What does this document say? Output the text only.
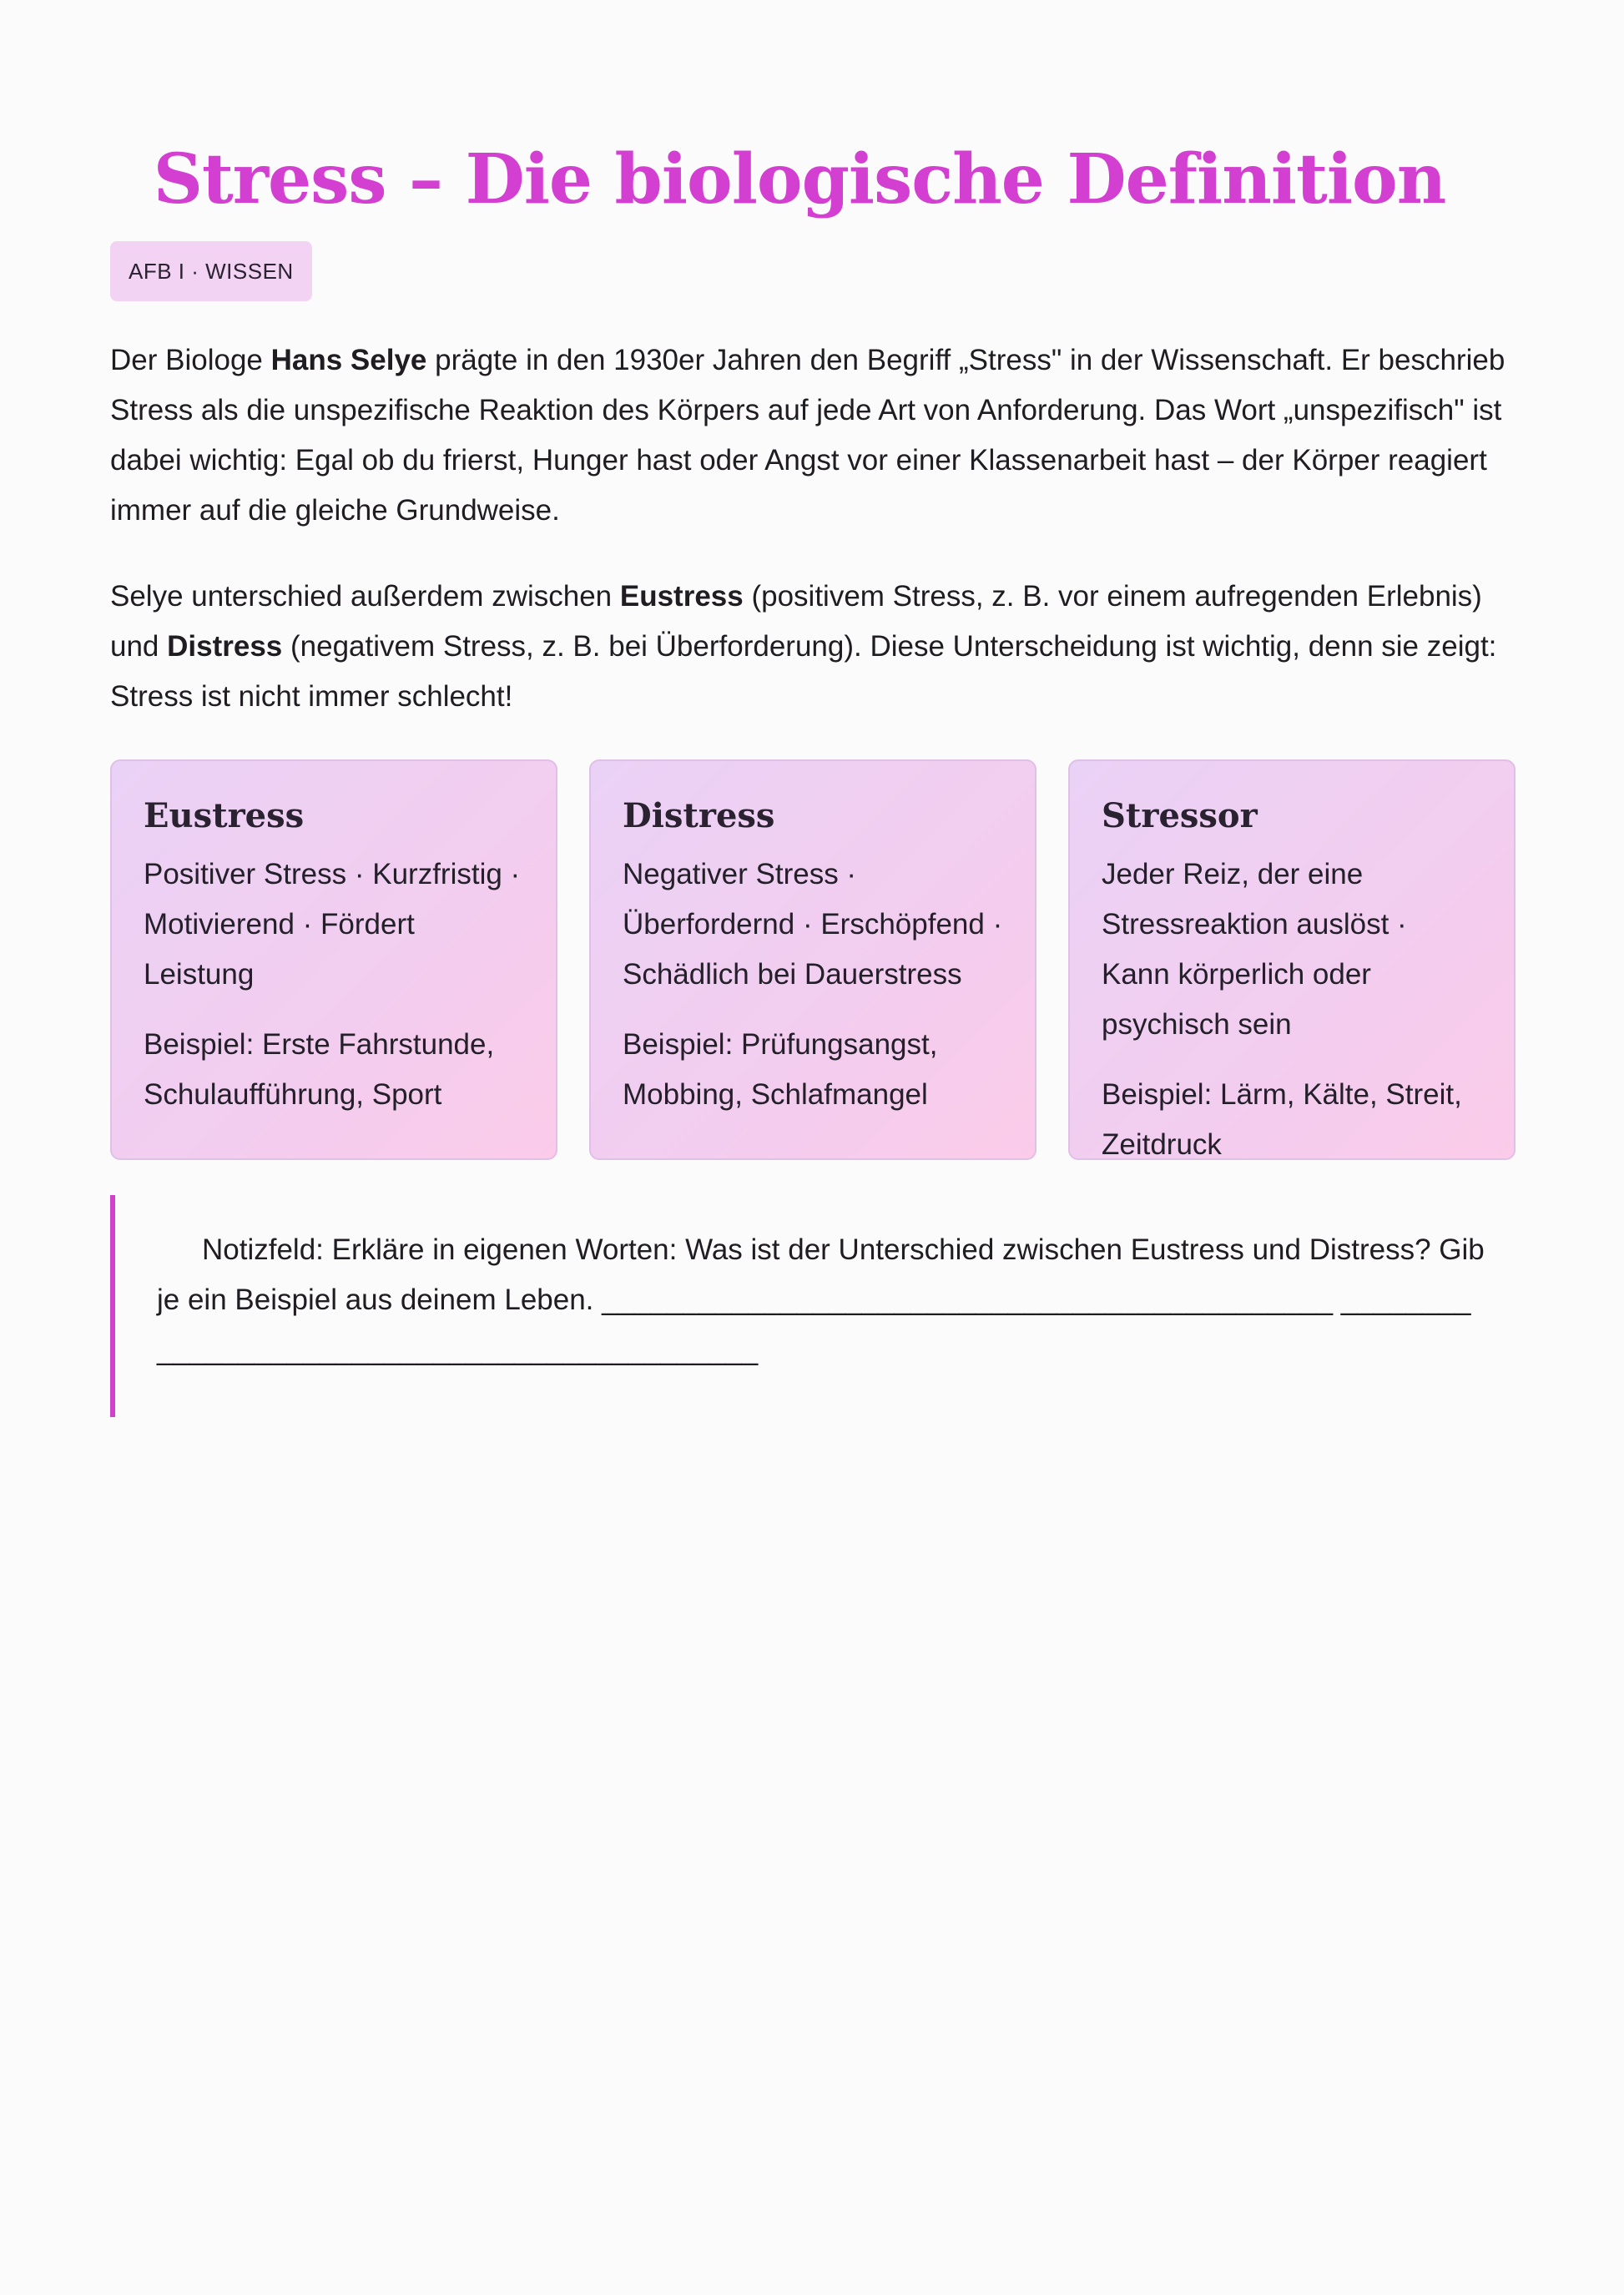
Stress – Die biologische Definition
AFB I · WISSEN

Der Biologe Hans Selye prägte in den 1930er Jahren den Begriff „Stress" in der Wissenschaft. Er beschrieb Stress als die unspezifische Reaktion des Körpers auf jede Art von Anforderung. Das Wort „unspezifisch" ist dabei wichtig: Egal ob du frierst, Hunger hast oder Angst vor einer Klassenarbeit hast – der Körper reagiert immer auf die gleiche Grundweise.

Selye unterschied außerdem zwischen Eustress (positivem Stress, z. B. vor einem aufregenden Erlebnis) und Distress (negativem Stress, z. B. bei Überforderung). Diese Unterscheidung ist wichtig, denn sie zeigt: Stress ist nicht immer schlecht!

Eustress

Positiver Stress · Kurzfristig · Motivierend · Fördert Leistung

Beispiel: Erste Fahrstunde, Schulaufführung, Sport

Distress

Negativer Stress · Überfordernd · Erschöpfend · Schädlich bei Dauerstress

Beispiel: Prüfungsangst, Mobbing, Schlafmangel

Stressor

Jeder Reiz, der eine Stressreaktion auslöst · Kann körperlich oder psychisch sein

Beispiel: Lärm, Kälte, Streit, Zeitdruck

Notizfeld: Erkläre in eigenen Worten: Was ist der Unterschied zwischen Eustress und Distress? Gib je ein Beispiel aus deinem Leben. _____________________________________________ _____________________________________________
